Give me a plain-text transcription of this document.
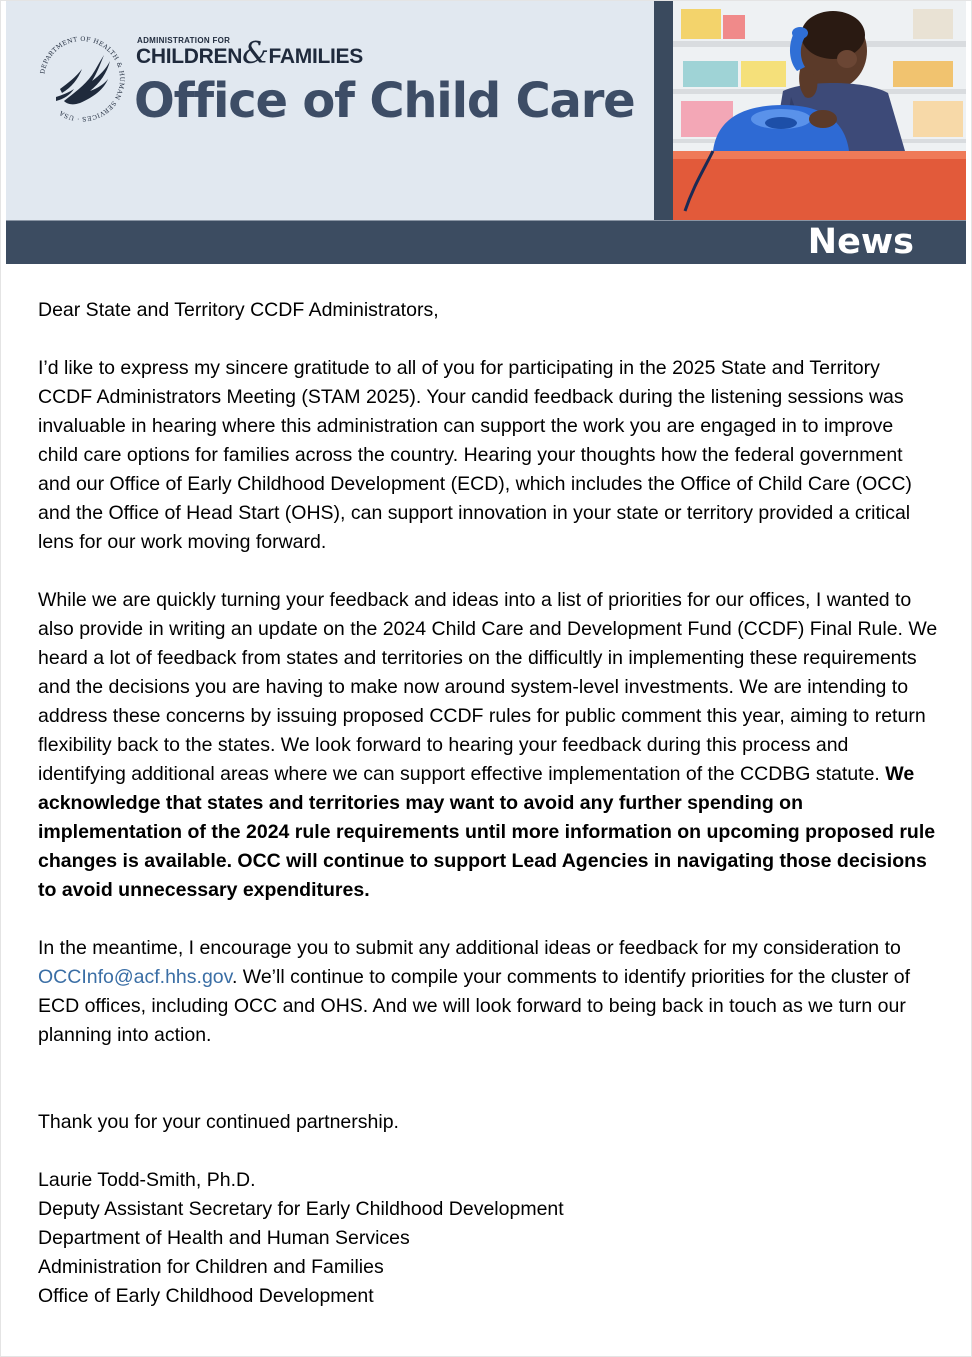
DEPARTMENT OF HEALTH & HUMAN SERVICES · USA
ADMINISTRATION FOR
CHILDREN&FAMILIES
Office of Child Care
News

Dear State and Territory CCDF Administrators,

I’d like to express my sincere gratitude to all of you for participating in the 2025 State and Territory CCDF Administrators Meeting (STAM 2025). Your candid feedback during the listening sessions was invaluable in hearing where this administration can support the work you are engaged in to improve child care options for families across the country. Hearing your thoughts how the federal government and our Office of Early Childhood Development (ECD), which includes the Office of Child Care (OCC) and the Office of Head Start (OHS), can support innovation in your state or territory provided a critical lens for our work moving forward.

While we are quickly turning your feedback and ideas into a list of priorities for our offices, I wanted to also provide in writing an update on the 2024 Child Care and Development Fund (CCDF) Final Rule. We heard a lot of feedback from states and territories on the difficultly in implementing these requirements and the decisions you are having to make now around system-level investments. We are intending to address these concerns by issuing proposed CCDF rules for public comment this year, aiming to return flexibility back to the states. We look forward to hearing your feedback during this process and identifying additional areas where we can support effective implementation of the CCDBG statute. We acknowledge that states and territories may want to avoid any further spending on implementation of the 2024 rule requirements until more information on upcoming proposed rule changes is available. OCC will continue to support Lead Agencies in navigating those decisions to avoid unnecessary expenditures.

In the meantime, I encourage you to submit any additional ideas or feedback for my consideration to OCCInfo@acf.hhs.gov. We’ll continue to compile your comments to identify priorities for the cluster of ECD offices, including OCC and OHS. And we will look forward to being back in touch as we turn our planning into action.

Thank you for your continued partnership.

Laurie Todd-Smith, Ph.D.
Deputy Assistant Secretary for Early Childhood Development
Department of Health and Human Services
Administration for Children and Families
Office of Early Childhood Development
